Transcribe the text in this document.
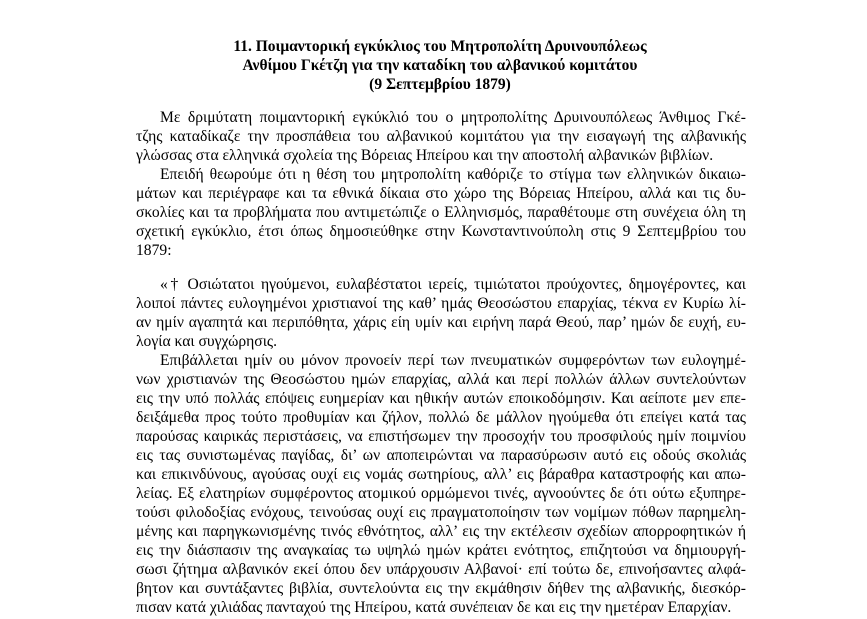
11. Ποιμαντορική εγκύκλιος του Μητροπολίτη Δρυινουπόλεως
Ανθίμου Γκέτζη για την καταδίκη του αλβανικού κομιτάτου
(9 Σεπτεμβρίου 1879)
Με δριμύτατη ποιμαντορική εγκύκλιό του ο μητροπολίτης Δρυινουπόλεως Άνθιμος Γκέ-
τζης καταδίκαζε την προσπάθεια του αλβανικού κομιτάτου για την εισαγωγή της αλβανικής
γλώσσας στα ελληνικά σχολεία της Βόρειας Ηπείρου και την αποστολή αλβανικών βιβλίων.
Επειδή θεωρούμε ότι η θέση του μητροπολίτη καθόριζε το στίγμα των ελληνικών δικαιω-
μάτων και περιέγραφε και τα εθνικά δίκαια στο χώρο της Βόρειας Ηπείρου, αλλά και τις δυ-
σκολίες και τα προβλήματα που αντιμετώπιζε ο Ελληνισμός, παραθέτουμε στη συνέχεια όλη τη
σχετική εγκύκλιο, έτσι όπως δημοσιεύθηκε στην Κωνσταντινούπολη στις 9 Σεπτεμβρίου του
1879:
«† Οσιώτατοι ηγούμενοι, ευλαβέστατοι ιερείς, τιμιώτατοι προύχοντες, δημογέροντες, και
λοιποί πάντες ευλογημένοι χριστιανοί της καθ’ ημάς Θεοσώστου επαρχίας, τέκνα εν Κυρίω λί-
αν ημίν αγαπητά και περιπόθητα, χάρις είη υμίν και ειρήνη παρά Θεού, παρ’ ημών δε ευχή, ευ-
λογία και συγχώρησις.
Επιβάλλεται ημίν ου μόνον προνοείν περί των πνευματικών συμφερόντων των ευλογημέ-
νων χριστιανών της Θεοσώστου ημών επαρχίας, αλλά και περί πολλών άλλων συντελούντων
εις την υπό πολλάς επόψεις ευημερίαν και ηθικήν αυτών εποικοδόμησιν. Και αείποτε μεν επε-
δειξάμεθα προς τούτο προθυμίαν και ζήλον, πολλώ δε μάλλον ηγούμεθα ότι επείγει κατά τας
παρούσας καιρικάς περιστάσεις, να επιστήσωμεν την προσοχήν του προσφιλούς ημίν ποιμνίου
εις τας συνιστωμένας παγίδας, δι’ ων αποπειρώνται να παρασύρωσιν αυτό εις οδούς σκολιάς
και επικινδύνους, αγούσας ουχί εις νομάς σωτηρίους, αλλ’ εις βάραθρα καταστροφής και απω-
λείας. Εξ ελατηρίων συμφέροντος ατομικού ορμώμενοι τινές, αγνοούντες δε ότι ούτω εξυπηρε-
τούσι φιλοδοξίας ενόχους, τεινούσας ουχί εις πραγματοποίησιν των νομίμων πόθων παρημελη-
μένης και παρηγκωνισμένης τινός εθνότητος, αλλ’ εις την εκτέλεσιν σχεδίων απορροφητικών ή
εις την διάσπασιν της αναγκαίας τω υψηλώ ημών κράτει ενότητος, επιζητούσι να δημιουργή-
σωσι ζήτημα αλβανικόν εκεί όπου δεν υπάρχουσιν Αλβανοί· επί τούτω δε, επινοήσαντες αλφά-
βητον και συντάξαντες βιβλία, συντελούντα εις την εκμάθησιν δήθεν της αλβανικής, διεσκόρ-
πισαν κατά χιλιάδας πανταχού της Ηπείρου, κατά συνέπειαν δε και εις την ημετέραν Επαρχίαν.
